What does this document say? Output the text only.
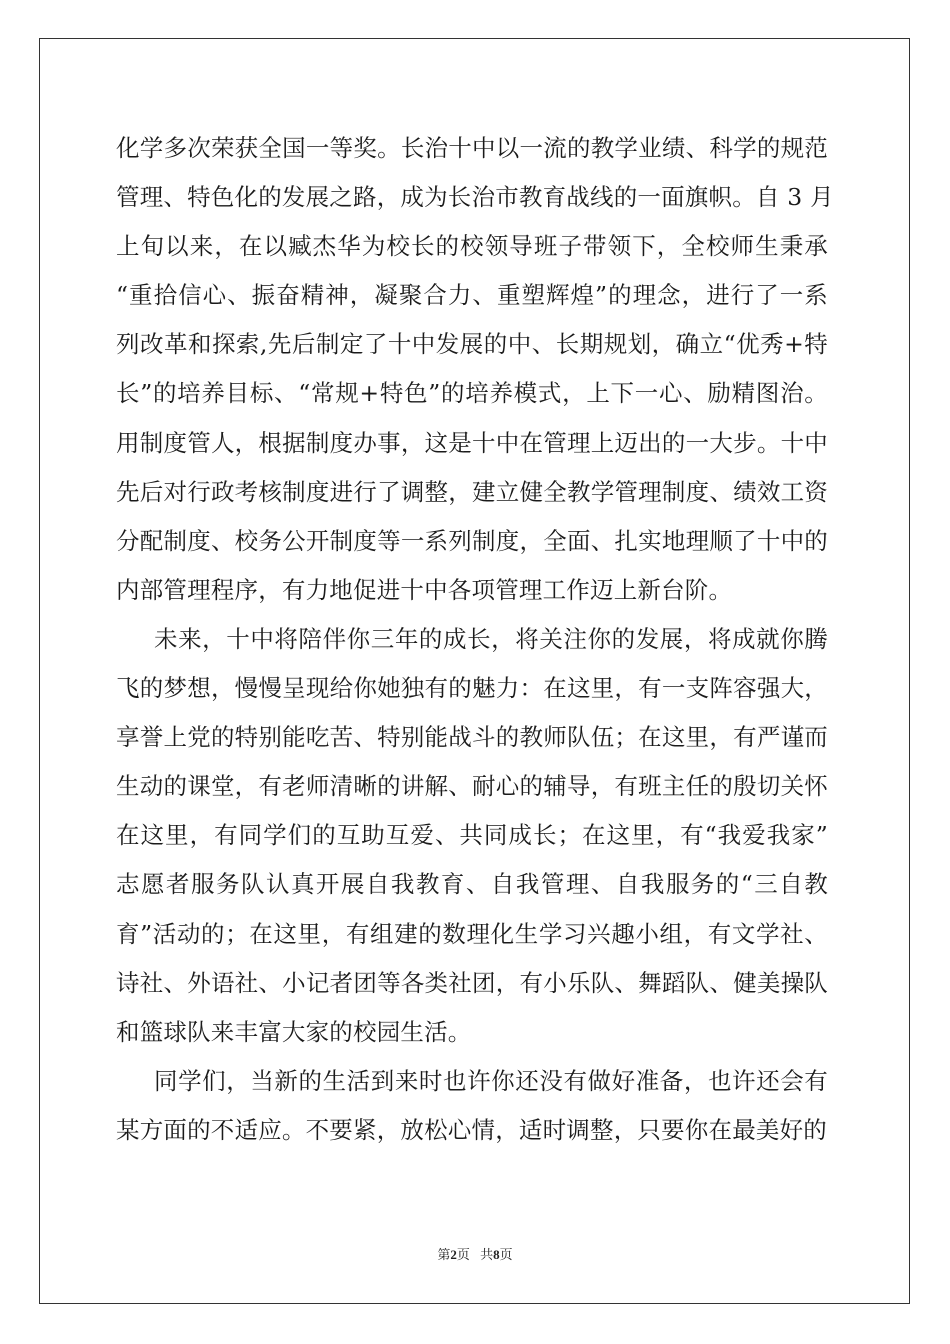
化学多次荣获全国一等奖。长治十中以一流的教学业绩、科学的规范
管理、特色化的发展之路，成为长治市教育战线的一面旗帜。自 3 月
上旬以来，在以臧杰华为校长的校领导班子带领下，全校师生秉承
“重拾信心、振奋精神，凝聚合力、重塑辉煌”的理念，进行了一系
列改革和探索,先后制定了十中发展的中、长期规划，确立“优秀+特
长”的培养目标、“常规+特色”的培养模式，上下一心、励精图治。
用制度管人，根据制度办事，这是十中在管理上迈出的一大步。十中
先后对行政考核制度进行了调整，建立健全教学管理制度、绩效工资
分配制度、校务公开制度等一系列制度，全面、扎实地理顺了十中的
内部管理程序，有力地促进十中各项管理工作迈上新台阶。
未来，十中将陪伴你三年的成长，将关注你的发展，将成就你腾
飞的梦想，慢慢呈现给你她独有的魅力：在这里，有一支阵容强大，
享誉上党的特别能吃苦、特别能战斗的教师队伍；在这里，有严谨而
生动的课堂，有老师清晰的讲解、耐心的辅导，有班主任的殷切关怀
在这里，有同学们的互助互爱、共同成长；在这里，有“我爱我家”
志愿者服务队认真开展自我教育、自我管理、自我服务的“三自教
育”活动的；在这里，有组建的数理化生学习兴趣小组，有文学社、
诗社、外语社、小记者团等各类社团，有小乐队、舞蹈队、健美操队
和篮球队来丰富大家的校园生活。
同学们，当新的生活到来时也许你还没有做好准备，也许还会有
某方面的不适应。不要紧，放松心情，适时调整，只要你在最美好的
第2页 共8页
